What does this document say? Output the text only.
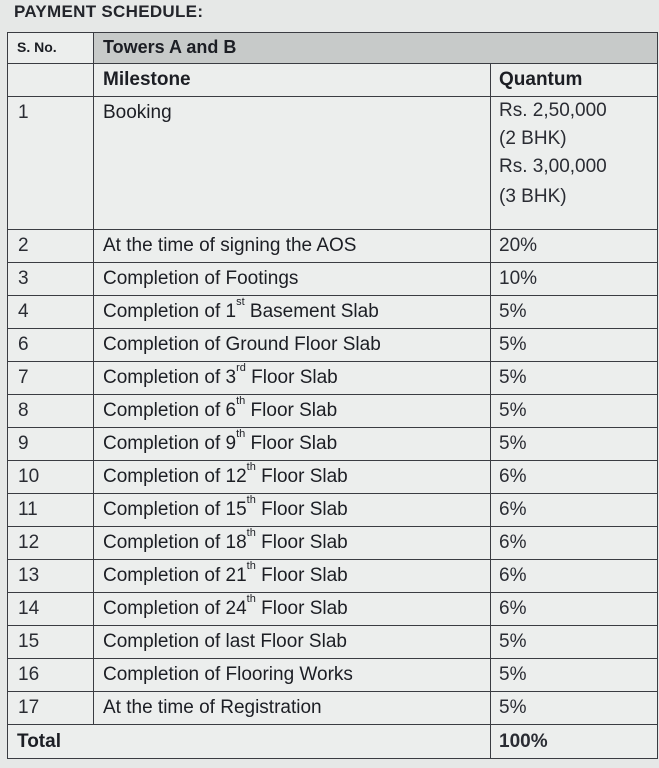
PAYMENT SCHEDULE:
S. No.	Towers A and B	
	Milestone	Quantum
1	Booking	Rs. 2,50,000
(2 BHK)
Rs. 3,00,000
(3 BHK)

2	At the time of signing the AOS	20%
3	Completion of Footings	10%
4	Completion of 1st Basement Slab	5%
6	Completion of Ground Floor Slab	5%
7	Completion of 3rd Floor Slab	5%
8	Completion of 6th Floor Slab	5%
9	Completion of 9th Floor Slab	5%
10	Completion of 12th Floor Slab	6%
11	Completion of 15th Floor Slab	6%
12	Completion of 18th Floor Slab	6%
13	Completion of 21th Floor Slab	6%
14	Completion of 24th Floor Slab	6%
15	Completion of last Floor Slab	5%
16	Completion of Flooring Works	5%
17	At the time of Registration	5%
Total		100%
